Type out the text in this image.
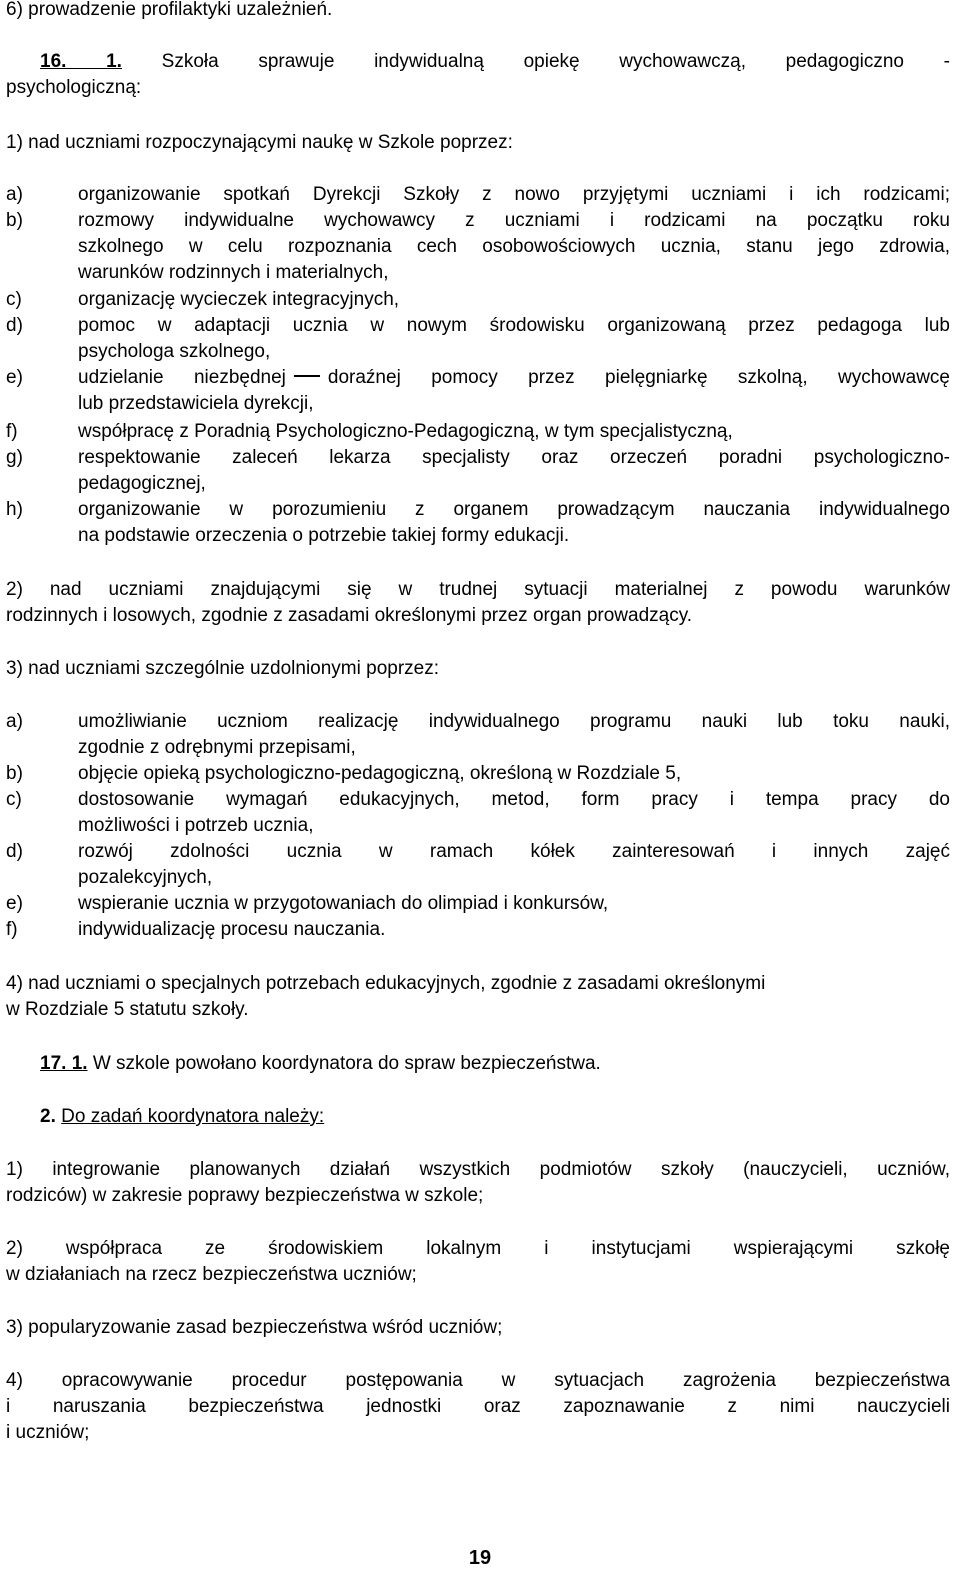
6) prowadzenie profilaktyki uzależnień.
16. 1. Szkoła sprawuje indywidualną opiekę wychowawczą, pedagogiczno -
psychologiczną:
1) nad uczniami rozpoczynającymi naukę w Szkole poprzez:
a)	organizowanie spotkań Dyrekcji Szkoły z nowo przyjętymi uczniami i ich rodzicami;
b)	rozmowy indywidualne wychowawcy z uczniami i rodzicami na początku roku
szkolnego w celu rozpoznania cech osobowościowych ucznia, stanu jego zdrowia,
warunków rodzinnych i materialnych,
c)	organizację wycieczek integracyjnych,
d)	pomoc w adaptacji ucznia w nowym środowisku organizowaną przez pedagoga lub
psychologa szkolnego,
e)	udzielanie niezbędnej doraźnej pomocy przez pielęgniarkę szkolną, wychowawcę
lub przedstawiciela dyrekcji,
f)	współpracę z Poradnią Psychologiczno-Pedagogiczną, w tym specjalistyczną,
g)	respektowanie zaleceń lekarza specjalisty oraz orzeczeń poradni psychologiczno-
pedagogicznej,
h)	organizowanie w porozumieniu z organem prowadzącym nauczania indywidualnego
na podstawie orzeczenia o potrzebie takiej formy edukacji.
2) nad uczniami znajdującymi się w trudnej sytuacji materialnej z powodu warunków
rodzinnych i losowych, zgodnie z zasadami określonymi przez organ prowadzący.
3) nad uczniami szczególnie uzdolnionymi poprzez:
a)	umożliwianie uczniom realizację indywidualnego programu nauki lub toku nauki,
zgodnie z odrębnymi przepisami,
b)	objęcie opieką psychologiczno-pedagogiczną, określoną w Rozdziale 5,
c)	dostosowanie wymagań edukacyjnych, metod, form pracy i tempa pracy do
możliwości i potrzeb ucznia,
d)	rozwój zdolności ucznia w ramach kółek zainteresowań i innych zajęć
pozalekcyjnych,
e)	wspieranie ucznia w przygotowaniach do olimpiad i konkursów,
f)	indywidualizację procesu nauczania.
4) nad uczniami o specjalnych potrzebach edukacyjnych, zgodnie z zasadami określonymi
w Rozdziale 5 statutu szkoły.
17. 1. W szkole powołano koordynatora do spraw bezpieczeństwa.
2. Do zadań koordynatora należy:
1) integrowanie planowanych działań wszystkich podmiotów szkoły (nauczycieli, uczniów,
rodziców) w zakresie poprawy bezpieczeństwa w szkole;
2) współpraca ze środowiskiem lokalnym i instytucjami wspierającymi szkołę
w działaniach na rzecz bezpieczeństwa uczniów;
3) popularyzowanie zasad bezpieczeństwa wśród uczniów;
4) opracowywanie procedur postępowania w sytuacjach zagrożenia bezpieczeństwa
i naruszania bezpieczeństwa jednostki oraz zapoznawanie z nimi nauczycieli
i uczniów;
19
